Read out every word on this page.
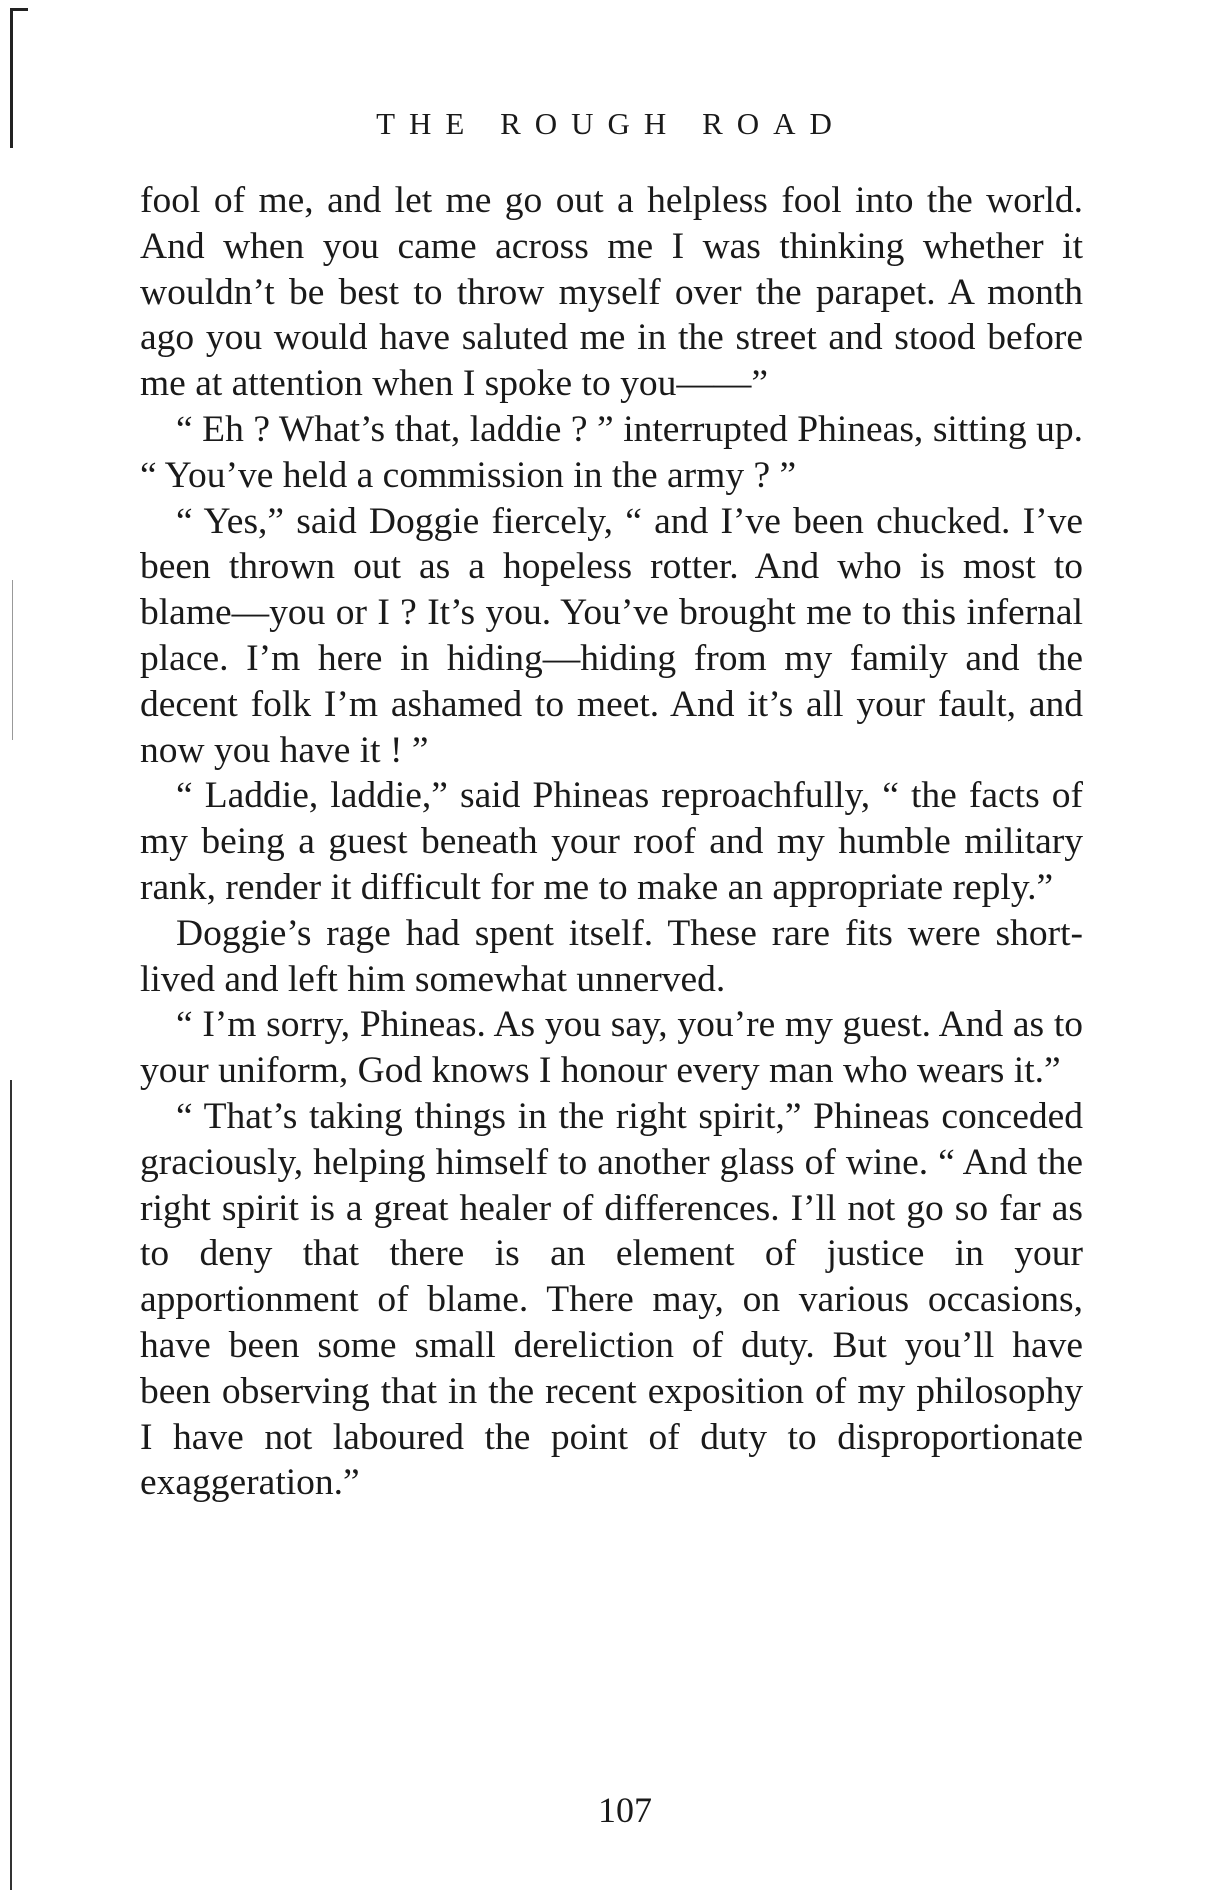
THE ROUGH ROAD

fool of me, and let me go out a helpless fool into the world. And when you came across me I was thinking whether it wouldn’t be best to throw myself over the parapet. A month ago you would have saluted me in the street and stood before me at attention when I spoke to you——”

“ Eh ? What’s that, laddie ? ” interrupted Phineas, sitting up. “ You’ve held a commission in the army ? ”

“ Yes,” said Doggie fiercely, “ and I’ve been chucked. I’ve been thrown out as a hopeless rotter. And who is most to blame—you or I ? It’s you. You’ve brought me to this infernal place. I’m here in hiding—hiding from my family and the decent folk I’m ashamed to meet. And it’s all your fault, and now you have it ! ”

“ Laddie, laddie,” said Phineas reproachfully, “ the facts of my being a guest beneath your roof and my humble military rank, render it difficult for me to make an appropriate reply.”

Doggie’s rage had spent itself. These rare fits were short-lived and left him somewhat unnerved.

“ I’m sorry, Phineas. As you say, you’re my guest. And as to your uniform, God knows I honour every man who wears it.”

“ That’s taking things in the right spirit,” Phineas conceded graciously, helping himself to another glass of wine. “ And the right spirit is a great healer of differences. I’ll not go so far as to deny that there is an element of justice in your apportionment of blame. There may, on various occasions, have been some small dereliction of duty. But you’ll have been observing that in the recent exposition of my philosophy I have not laboured the point of duty to disproportionate exaggeration.”

107
